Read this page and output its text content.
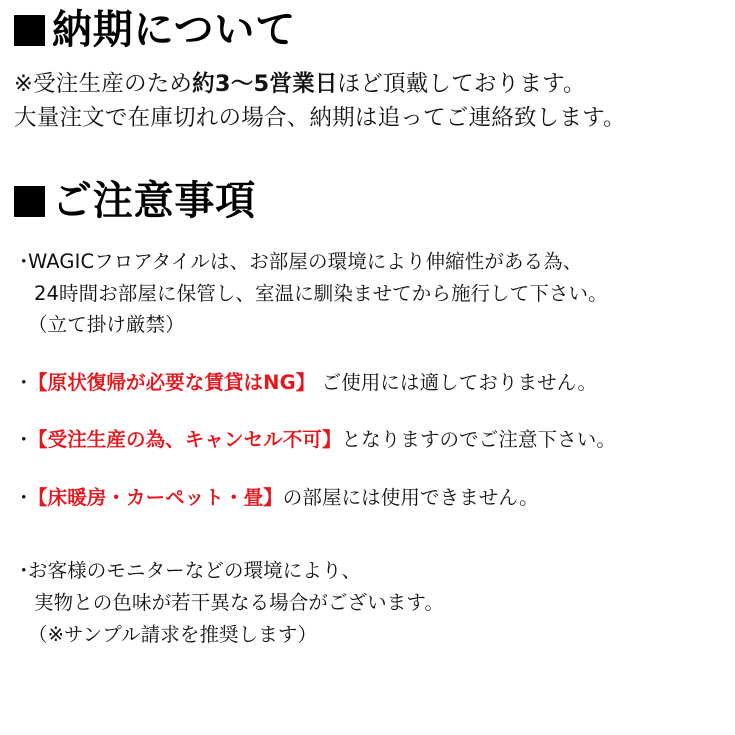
納期について
※受注生産のため約3〜5営業日ほど頂戴しております。
大量注文で在庫切れの場合、納期は追ってご連絡致します。
ご注意事項
・
WAGICフロアタイルは、お部屋の環境により伸縮性がある為、
24時間お部屋に保管し、室温に馴染ませてから施行して下さい。
（立て掛け厳禁）
・
【原状復帰が必要な賃貸はNG】 ご使用には適しておりません。
・
【受注生産の為、キャンセル不可】となりますのでご注意下さい。
・
【床暖房・カーペット・畳】の部屋には使用できません。
・
お客様のモニターなどの環境により、
実物との色味が若干異なる場合がございます。
（※サンプル請求を推奨します）
